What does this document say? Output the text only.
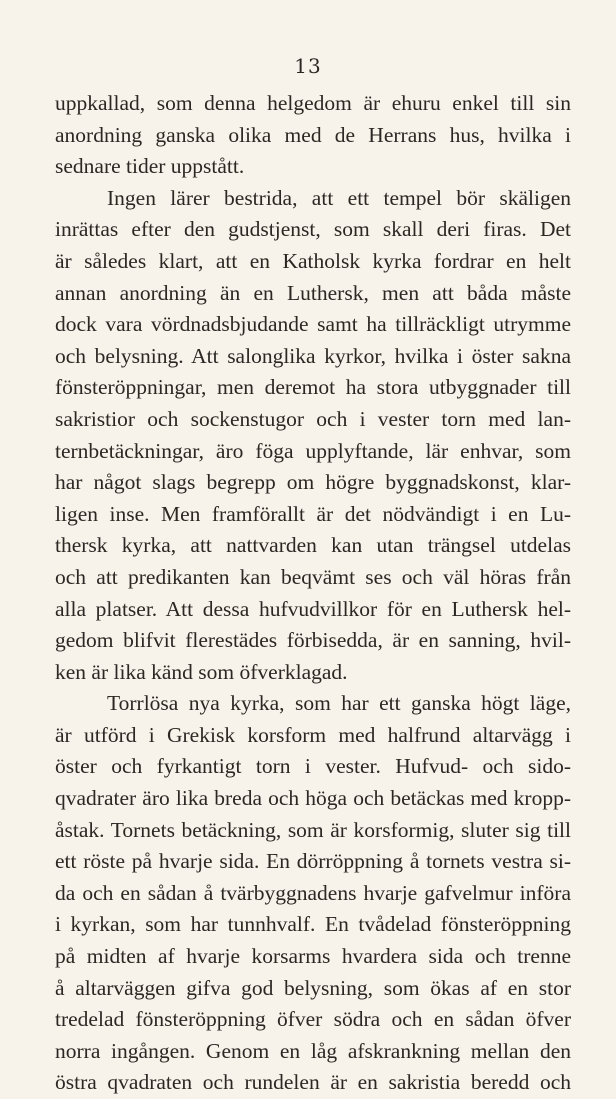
13
uppkallad, som denna helgedom är ehuru enkel till sin
anordning ganska olika med de Herrans hus, hvilka i
sednare tider uppstått.
Ingen lärer bestrida, att ett tempel bör skäligen
inrättas efter den gudstjenst, som skall deri firas. Det
är således klart, att en Katholsk kyrka fordrar en helt
annan anordning än en Luthersk, men att båda måste
dock vara vördnadsbjudande samt ha tillräckligt utrymme
och belysning. Att salonglika kyrkor, hvilka i öster sakna
fönsteröppningar, men deremot ha stora utbyggnader till
sakristior och sockenstugor och i vester torn med lan-
ternbetäckningar, äro föga upplyftande, lär enhvar, som
har något slags begrepp om högre byggnadskonst, klar-
ligen inse. Men framförallt är det nödvändigt i en Lu-
thersk kyrka, att nattvarden kan utan trängsel utdelas
och att predikanten kan beqvämt ses och väl höras från
alla platser. Att dessa hufvudvillkor för en Luthersk hel-
gedom blifvit flerestädes förbisedda, är en sanning, hvil-
ken är lika känd som öfverklagad.
Torrlösa nya kyrka, som har ett ganska högt läge,
är utförd i Grekisk korsform med halfrund altarvägg i
öster och fyrkantigt torn i vester. Hufvud- och sido-
qvadrater äro lika breda och höga och betäckas med kropp-
åstak. Tornets betäckning, som är korsformig, sluter sig till
ett röste på hvarje sida. En dörröppning å tornets vestra si-
da och en sådan å tvärbyggnadens hvarje gafvelmur införa
i kyrkan, som har tunnhvalf. En tvådelad fönsteröppning
på midten af hvarje korsarms hvardera sida och trenne
å altarväggen gifva god belysning, som ökas af en stor
tredelad fönsteröppning öfver södra och en sådan öfver
norra ingången. Genom en låg afskrankning mellan den
östra qvadraten och rundelen är en sakristia beredd och
